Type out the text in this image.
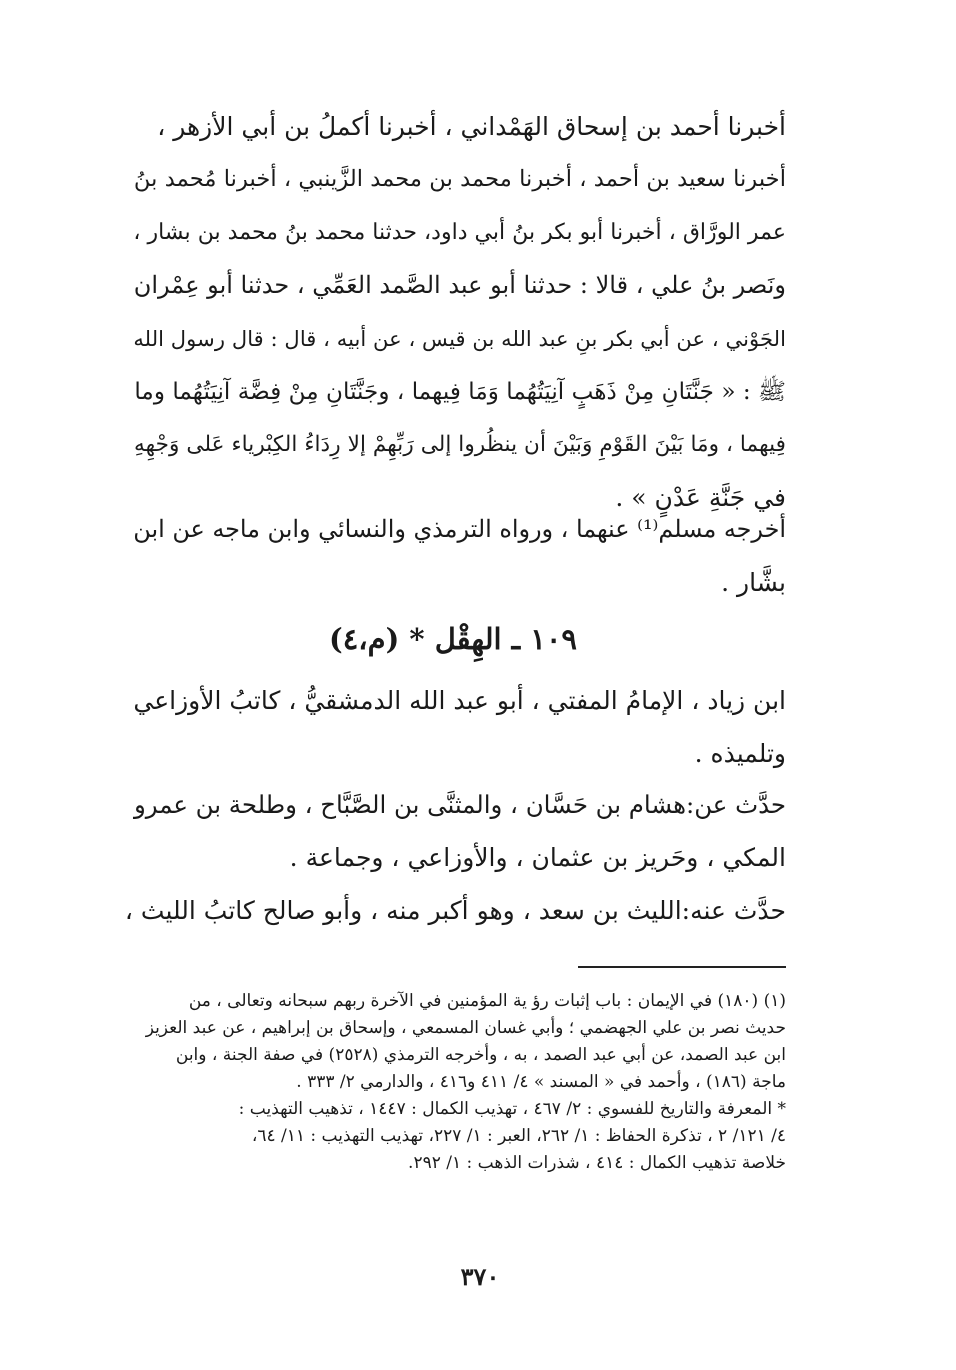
أخبرنا أحمد بن إسحاق الهَمْداني ، أخبرنا أكملُ بن أبي الأزهر ،
أخبرنا سعيد بن أحمد ، أخبرنا محمد بن محمد الزَّينبي ، أخبرنا مُحمد بنُ
عمر الورَّاق ، أخبرنا أبو بكر بنُ أبي داود، حدثنا محمد بنُ محمد بن بشار ،
ونَصر بنُ علي ، قالا : حدثنا أبو عبد الصَّمد العَمِّي ، حدثنا أبو عِمْران
الجَوْني ، عن أبي بكر بنِ عبد الله بن قيس ، عن أبيه ، قال : قال رسول الله
ﷺ : « جَنَّتَانِ مِنْ ذَهَبٍ آنِيَتُهُما وَمَا فِيهما ، وجَنَّتَانِ مِنْ فِضَّة آنِيَتُهُما وما
فِيهما ، ومَا بَيْنَ القَوْمِ وَبَيْنَ أن ينظُروا إلى رَبِّهِمْ إلا رِدَاءُ الكِبْرياء عَلى وَجْهِهِ
في جَنَّةِ عَدْنٍ » .
أخرجه مسلم⁽¹⁾ عنهما ، ورواه الترمذي والنسائي وابن ماجه عن ابن
بشَّار .
١٠٩ ـ الهِقْل * (م،٤)
ابن زياد ، الإمامُ المفتي ، أبو عبد الله الدمشقيُّ ، كاتبُ الأوزاعي
وتلميذه .
حدَّث عن:هشام بن حَسَّان ، والمثنَّى بن الصَّبَّاح ، وطلحة بن عمرو
المكي ، وحَريز بن عثمان ، والأوزاعي ، وجماعة .
حدَّث عنه:الليث بن سعد ، وهو أكبر منه ، وأبو صالح كاتبُ الليث ،
(١) (١٨٠) في الإيمان : باب إثبات رؤ ية المؤمنين في الآخرة ربهم سبحانه وتعالى ، من
حديث نصر بن علي الجهضمي ؛ وأبي غسان المسمعي ، وإسحاق بن إبراهيم ، عن عبد العزيز
ابن عبد الصمد، عن أبي عبد الصمد ، به ، وأخرجه الترمذي (٢٥٢٨) في صفة الجنة ، وابن
ماجة (١٨٦) ، وأحمد في « المسند » ٤/ ٤١١ و٤١٦ ، والدارمي ٢/ ٣٣٣ .
* المعرفة والتاريخ للفسوي : ٢/ ٤٦٧ ، تهذيب الكمال : ١٤٤٧ ، تذهيب التهذيب :
٤/ ١٢١/ ٢ ، تذكرة الحفاظ : ١/ ٢٦٢، العبر : ١/ ٢٢٧، تهذيب التهذيب : ١١/ ٦٤،
خلاصة تذهيب الكمال : ٤١٤ ، شذرات الذهب : ١/ ٢٩٢.
٣٧٠
